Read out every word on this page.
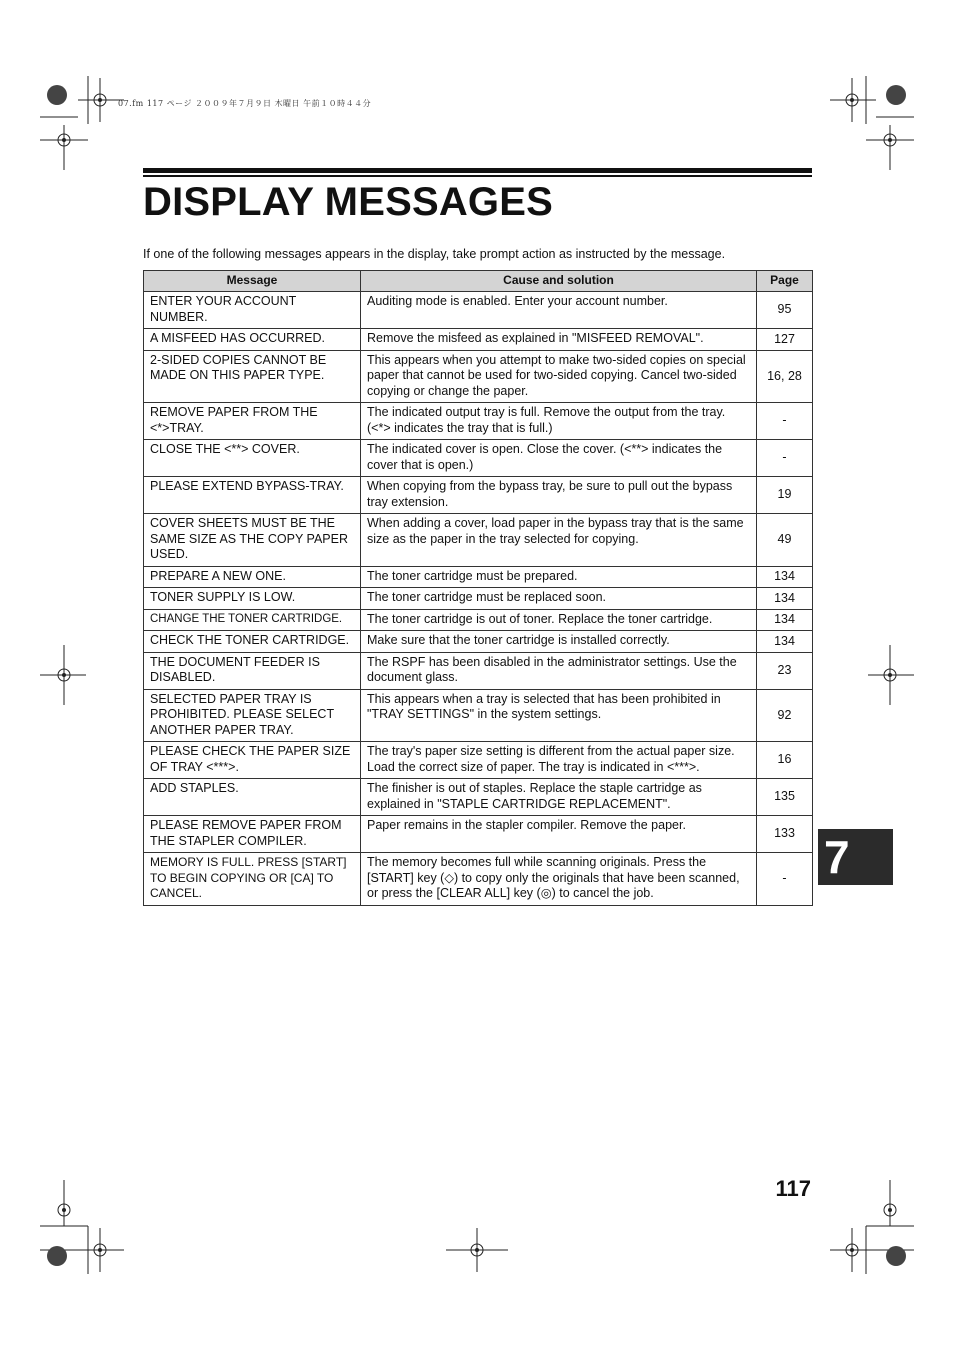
07.fm 117 ページ ２００９年７月９日 木曜日 午前１０時４４分
DISPLAY MESSAGES

If one of the following messages appears in the display, take prompt action as instructed by the message.

Message	Cause and solution	Page
ENTER YOUR ACCOUNT NUMBER.	Auditing mode is enabled. Enter your account number.	95
A MISFEED HAS OCCURRED.	Remove the misfeed as explained in "MISFEED REMOVAL".	127
2-SIDED COPIES CANNOT BE MADE ON THIS PAPER TYPE.	This appears when you attempt to make two-sided copies on special paper that cannot be used for two-sided copying. Cancel two-sided copying or change the paper.	16, 28
REMOVE PAPER FROM THE <*>TRAY.	The indicated output tray is full. Remove the output from the tray. (<*> indicates the tray that is full.)	-
CLOSE THE <**> COVER.	The indicated cover is open. Close the cover. (<**> indicates the cover that is open.)	-
PLEASE EXTEND BYPASS-TRAY.	When copying from the bypass tray, be sure to pull out the bypass tray extension.	19
COVER SHEETS MUST BE THE SAME SIZE AS THE COPY PAPER USED.	When adding a cover, load paper in the bypass tray that is the same size as the paper in the tray selected for copying.	49
PREPARE A NEW ONE.	The toner cartridge must be prepared.	134
TONER SUPPLY IS LOW.	The toner cartridge must be replaced soon.	134
CHANGE THE TONER CARTRIDGE.	The toner cartridge is out of toner. Replace the toner cartridge.	134
CHECK THE TONER CARTRIDGE.	Make sure that the toner cartridge is installed correctly.	134
THE DOCUMENT FEEDER IS DISABLED.	The RSPF has been disabled in the administrator settings. Use the document glass.	23
SELECTED PAPER TRAY IS PROHIBITED. PLEASE SELECT ANOTHER PAPER TRAY.	This appears when a tray is selected that has been prohibited in "TRAY SETTINGS" in the system settings.	92
PLEASE CHECK THE PAPER SIZE OF TRAY <***>.	The tray's paper size setting is different from the actual paper size. Load the correct size of paper. The tray is indicated in <***>.	16
ADD STAPLES.	The finisher is out of staples. Replace the staple cartridge as explained in "STAPLE CARTRIDGE REPLACEMENT".	135
PLEASE REMOVE PAPER FROM THE STAPLER COMPILER.	Paper remains in the stapler compiler. Remove the paper.	133
MEMORY IS FULL. PRESS [START] TO BEGIN COPYING OR [CA] TO CANCEL.	The memory becomes full while scanning originals. Press the [START] key (◇) to copy only the originals that have been scanned, or press the [CLEAR ALL] key (◎) to cancel the job.	- 7
117
